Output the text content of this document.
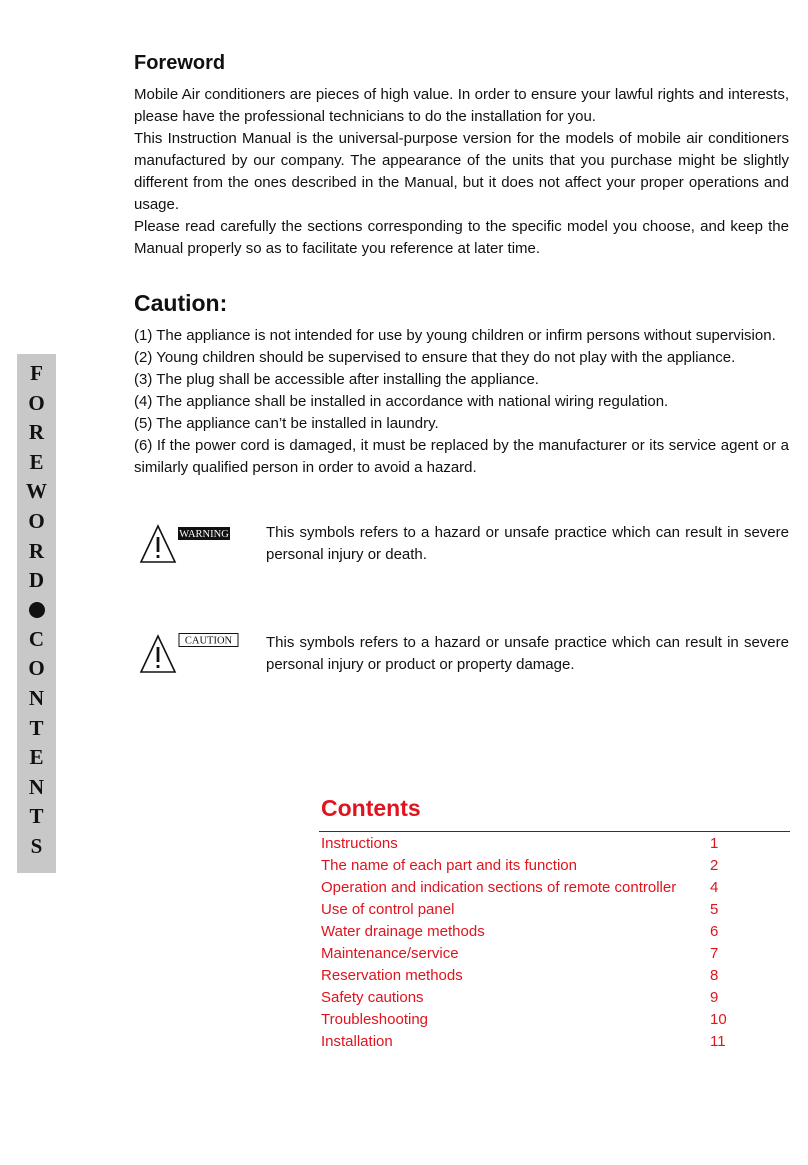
F
O
R
E
W
O
R
D
C
O
N
T
E
N
T
S
Foreword

Mobile Air conditioners are pieces of high value. In order to ensure your lawful rights and interests, please have the professional technicians to do the installation for you.

This Instruction Manual is the universal-purpose version for the models of mobile air conditioners manufactured by our company. The appearance of the units that you purchase might be slightly different from the ones described in the Manual, but it does not affect your proper operations and usage.

Please read carefully the sections corresponding to the specific model you choose, and keep the Manual properly so as to facilitate you reference at later time.

Caution:
(1) The appliance is not intended for use by young children or infirm persons without supervision.
(2) Young children should be supervised to ensure that they do not play with the appliance.
(3) The plug shall be accessible after installing the appliance.
(4) The appliance shall be installed in accordance with national wiring regulation.
(5) The appliance can’t be installed in laundry.
(6) If the power cord is damaged, it must be replaced by the manufacturer or its service agent or a similarly qualified person in order to avoid a hazard.
WARNING This symbols refers to a hazard or unsafe practice which can result in severe personal injury or death.

CAUTION This symbols refers to a hazard or unsafe practice which can result in severe personal injury or product or property damage.

Contents
Instructions	1
The name of each part and its function	2
Operation and indication sections of remote controller 4
Use of control panel	5
Water drainage methods	6
Maintenance/service	7
Reservation methods	8
Safety cautions	9
Troubleshooting	10
Installation	11
